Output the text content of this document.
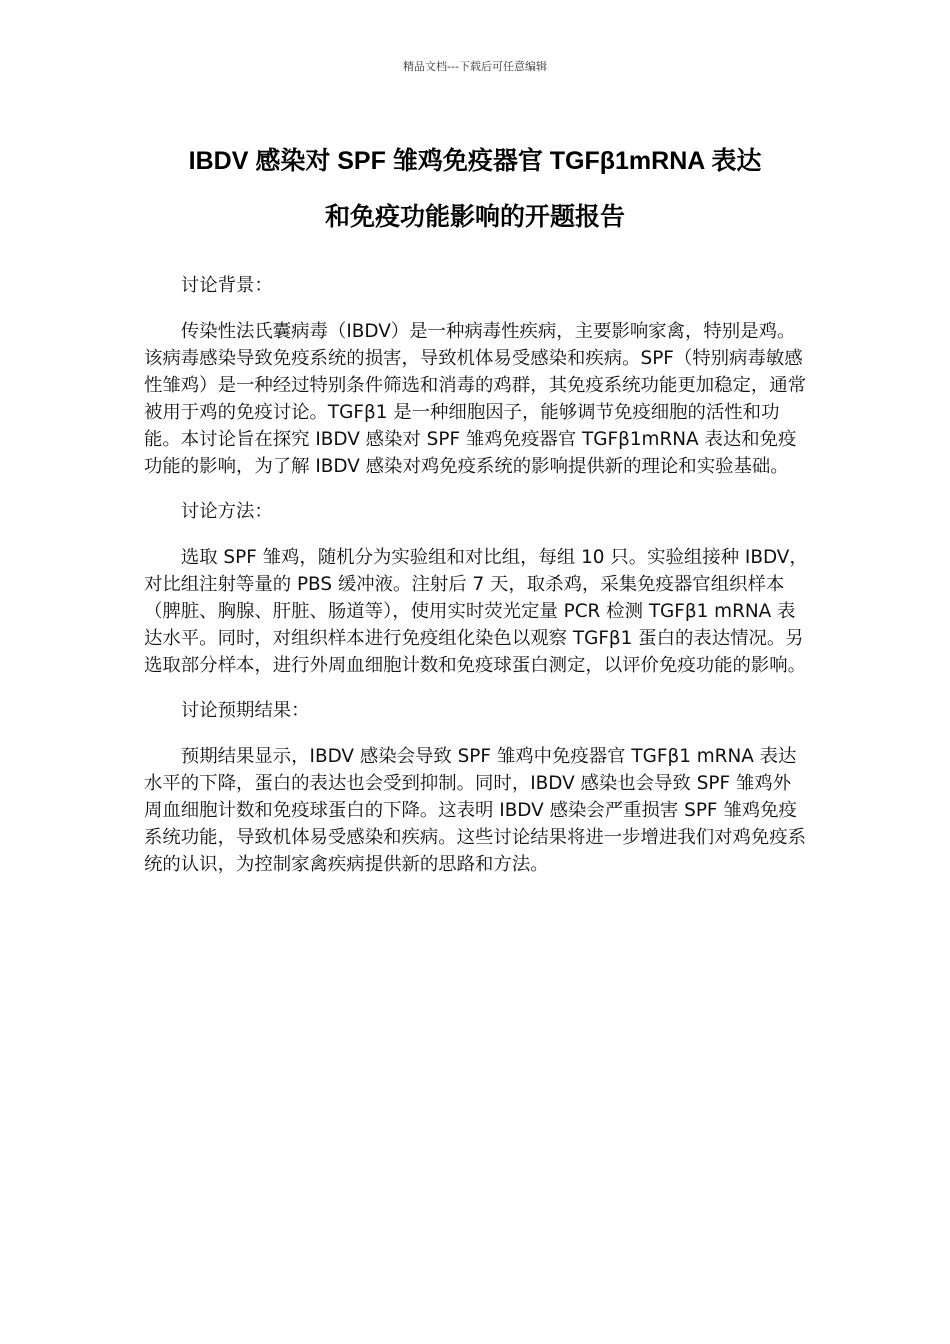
精品文档---下载后可任意编辑
IBDV 感染对 SPF 雏鸡免疫器官 TGFβ1mRNA 表达
和免疫功能影响的开题报告

讨论背景：

传染性法氏囊病毒（IBDV）是一种病毒性疾病，主要影响家禽，特别是鸡。该病毒感染导致免疫系统的损害，导致机体易受感染和疾病。SPF（特别病毒敏感性雏鸡）是一种经过特别条件筛选和消毒的鸡群，其免疫系统功能更加稳定，通常被用于鸡的免疫讨论。TGFβ1 是一种细胞因子，能够调节免疫细胞的活性和功能。本讨论旨在探究 IBDV 感染对 SPF 雏鸡免疫器官 TGFβ1mRNA 表达和免疫功能的影响，为了解 IBDV 感染对鸡免疫系统的影响提供新的理论和实验基础。

讨论方法：

选取 SPF 雏鸡，随机分为实验组和对比组，每组 10 只。实验组接种 IBDV，对比组注射等量的 PBS 缓冲液。注射后 7 天，取杀鸡，采集免疫器官组织样本（脾脏、胸腺、肝脏、肠道等），使用实时荧光定量 PCR 检测 TGFβ1 mRNA 表达水平。同时，对组织样本进行免疫组化染色以观察 TGFβ1 蛋白的表达情况。另选取部分样本，进行外周血细胞计数和免疫球蛋白测定，以评价免疫功能的影响。

讨论预期结果：

预期结果显示，IBDV 感染会导致 SPF 雏鸡中免疫器官 TGFβ1 mRNA 表达水平的下降，蛋白的表达也会受到抑制。同时，IBDV 感染也会导致 SPF 雏鸡外周血细胞计数和免疫球蛋白的下降。这表明 IBDV 感染会严重损害 SPF 雏鸡免疫系统功能，导致机体易受感染和疾病。这些讨论结果将进一步增进我们对鸡免疫系统的认识，为控制家禽疾病提供新的思路和方法。
